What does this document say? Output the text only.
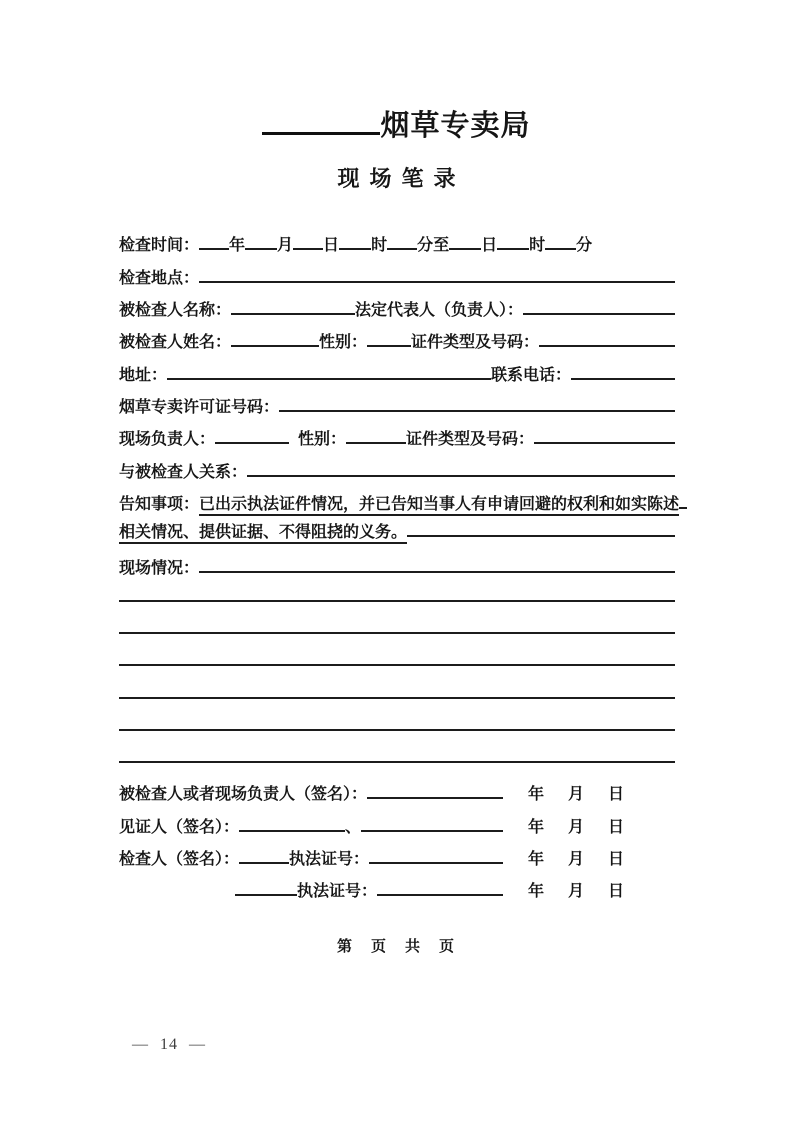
烟草专卖局
现场笔录
检查时间： 年 月 日 时 分至 日 时 分
检查地点：
被检查人名称：	法定代表人（负责人）：
被检查人姓名：	性别：	证件类型及号码：
地址：	联系电话：
烟草专卖许可证号码：
现场负责人：	性别：	证件类型及号码：
与被检查人关系：
告知事项： 已出示执法证件情况，并已告知当事人有申请回避的权利和如实陈述
相关情况、提供证据、不得阻挠的义务。
现场情况：
被检查人或者现场负责人（签名）：	年　月　日
见证人（签名）：	、	年　月　日
检查人（签名）：	执法证号：	年　月　日
执法证号：	年　月　日
第　页　共　页
— 14 —
